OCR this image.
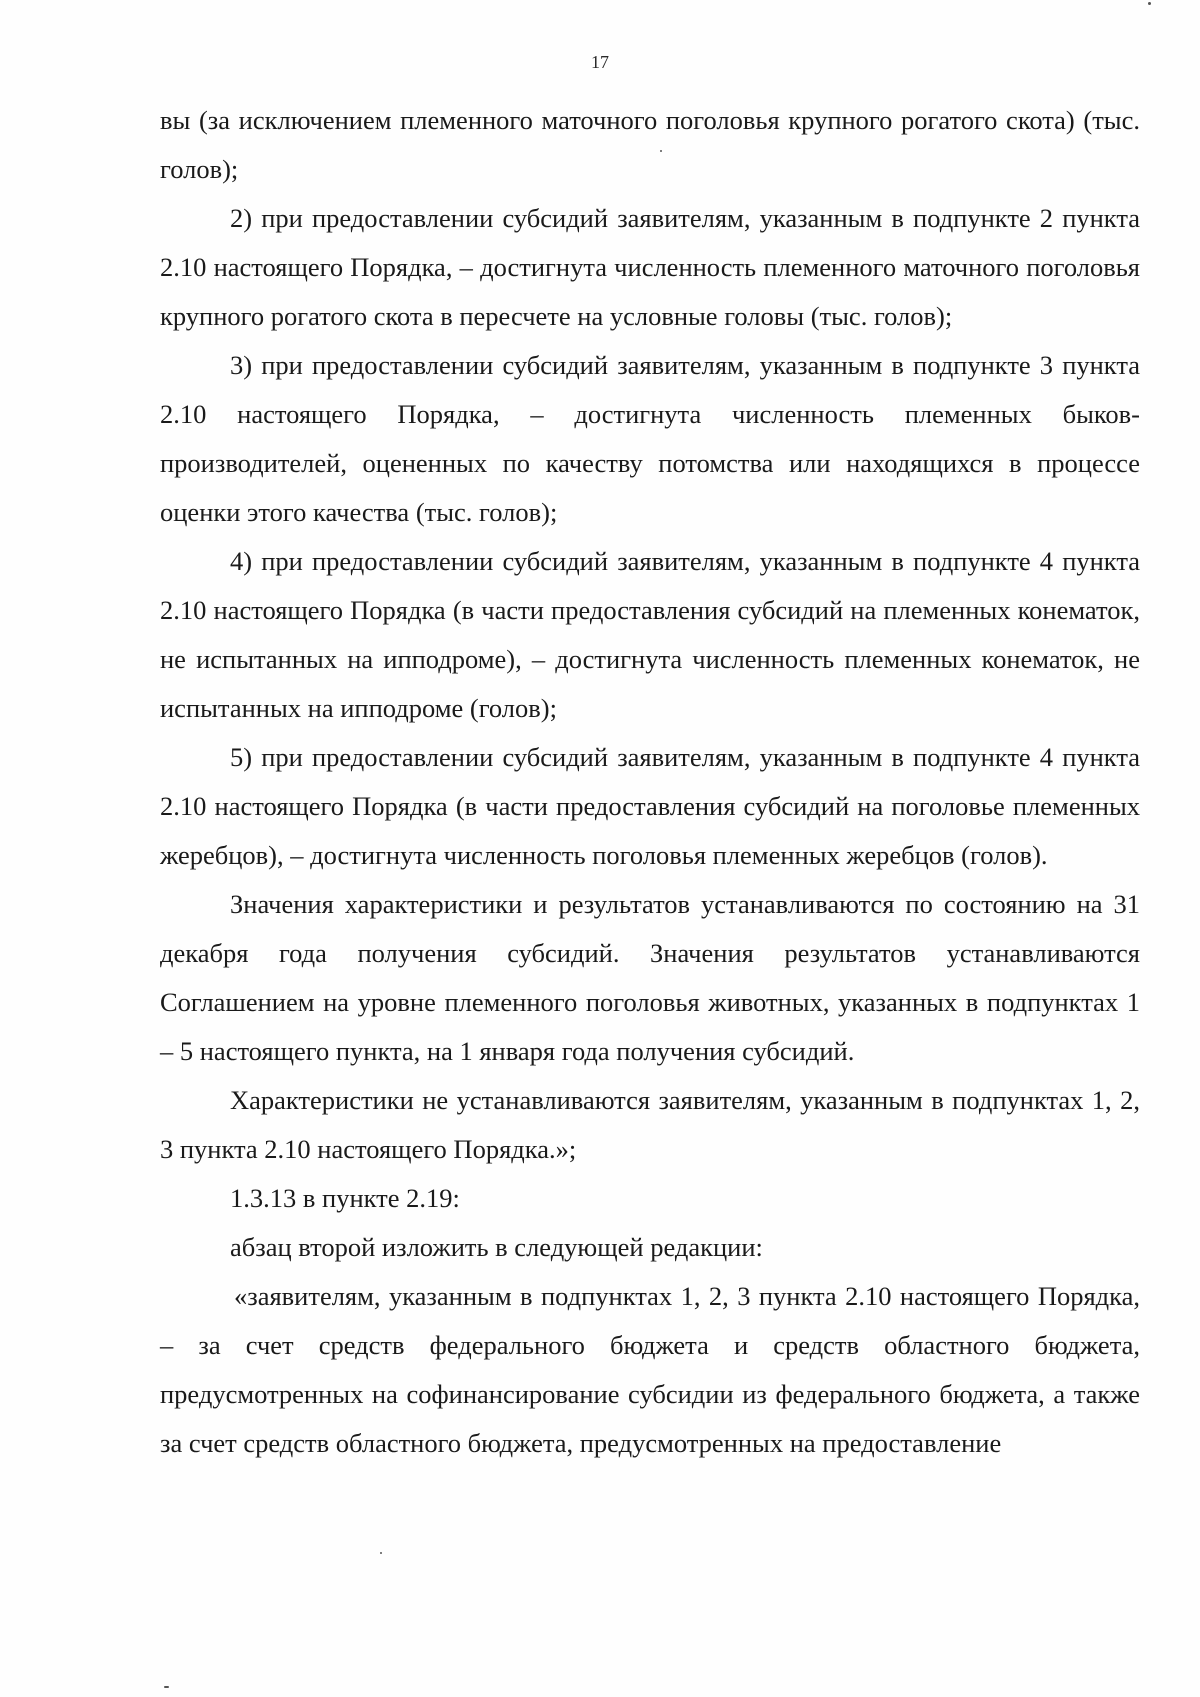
17

вы (за исключением племенного маточного поголовья крупного рогатого скота) (тыс. голов);

2) при предоставлении субсидий заявителям, указанным в подпункте 2 пункта 2.10 настоящего Порядка, – достигнута численность племенного маточного поголовья крупного рогатого скота в пересчете на условные головы (тыс. голов);

3) при предоставлении субсидий заявителям, указанным в подпункте 3 пункта 2.10 настоящего Порядка, – достигнута численность племенных быков-производителей, оцененных по качеству потомства или находящихся в процессе оценки этого качества (тыс. голов);

4) при предоставлении субсидий заявителям, указанным в подпункте 4 пункта 2.10 настоящего Порядка (в части предоставления субсидий на племенных конематок, не испытанных на ипподроме), – достигнута численность племенных конематок, не испытанных на ипподроме (голов);

5) при предоставлении субсидий заявителям, указанным в подпункте 4 пункта 2.10 настоящего Порядка (в части предоставления субсидий на поголовье племенных жеребцов), – достигнута численность поголовья племенных жеребцов (голов).

Значения характеристики и результатов устанавливаются по состоянию на 31 декабря года получения субсидий. Значения результатов устанавливаются Соглашением на уровне племенного поголовья животных, указанных в подпунктах 1 – 5 настоящего пункта, на 1 января года получения субсидий.

Характеристики не устанавливаются заявителям, указанным в подпунктах 1, 2, 3 пункта 2.10 настоящего Порядка.»;

1.3.13 в пункте 2.19:

абзац второй изложить в следующей редакции:

«заявителям, указанным в подпунктах 1, 2, 3 пункта 2.10 настоящего Порядка, – за счет средств федерального бюджета и средств областного бюджета, предусмотренных на софинансирование субсидии из федерального бюджета, а также за счет средств областного бюджета, предусмотренных на предоставление
